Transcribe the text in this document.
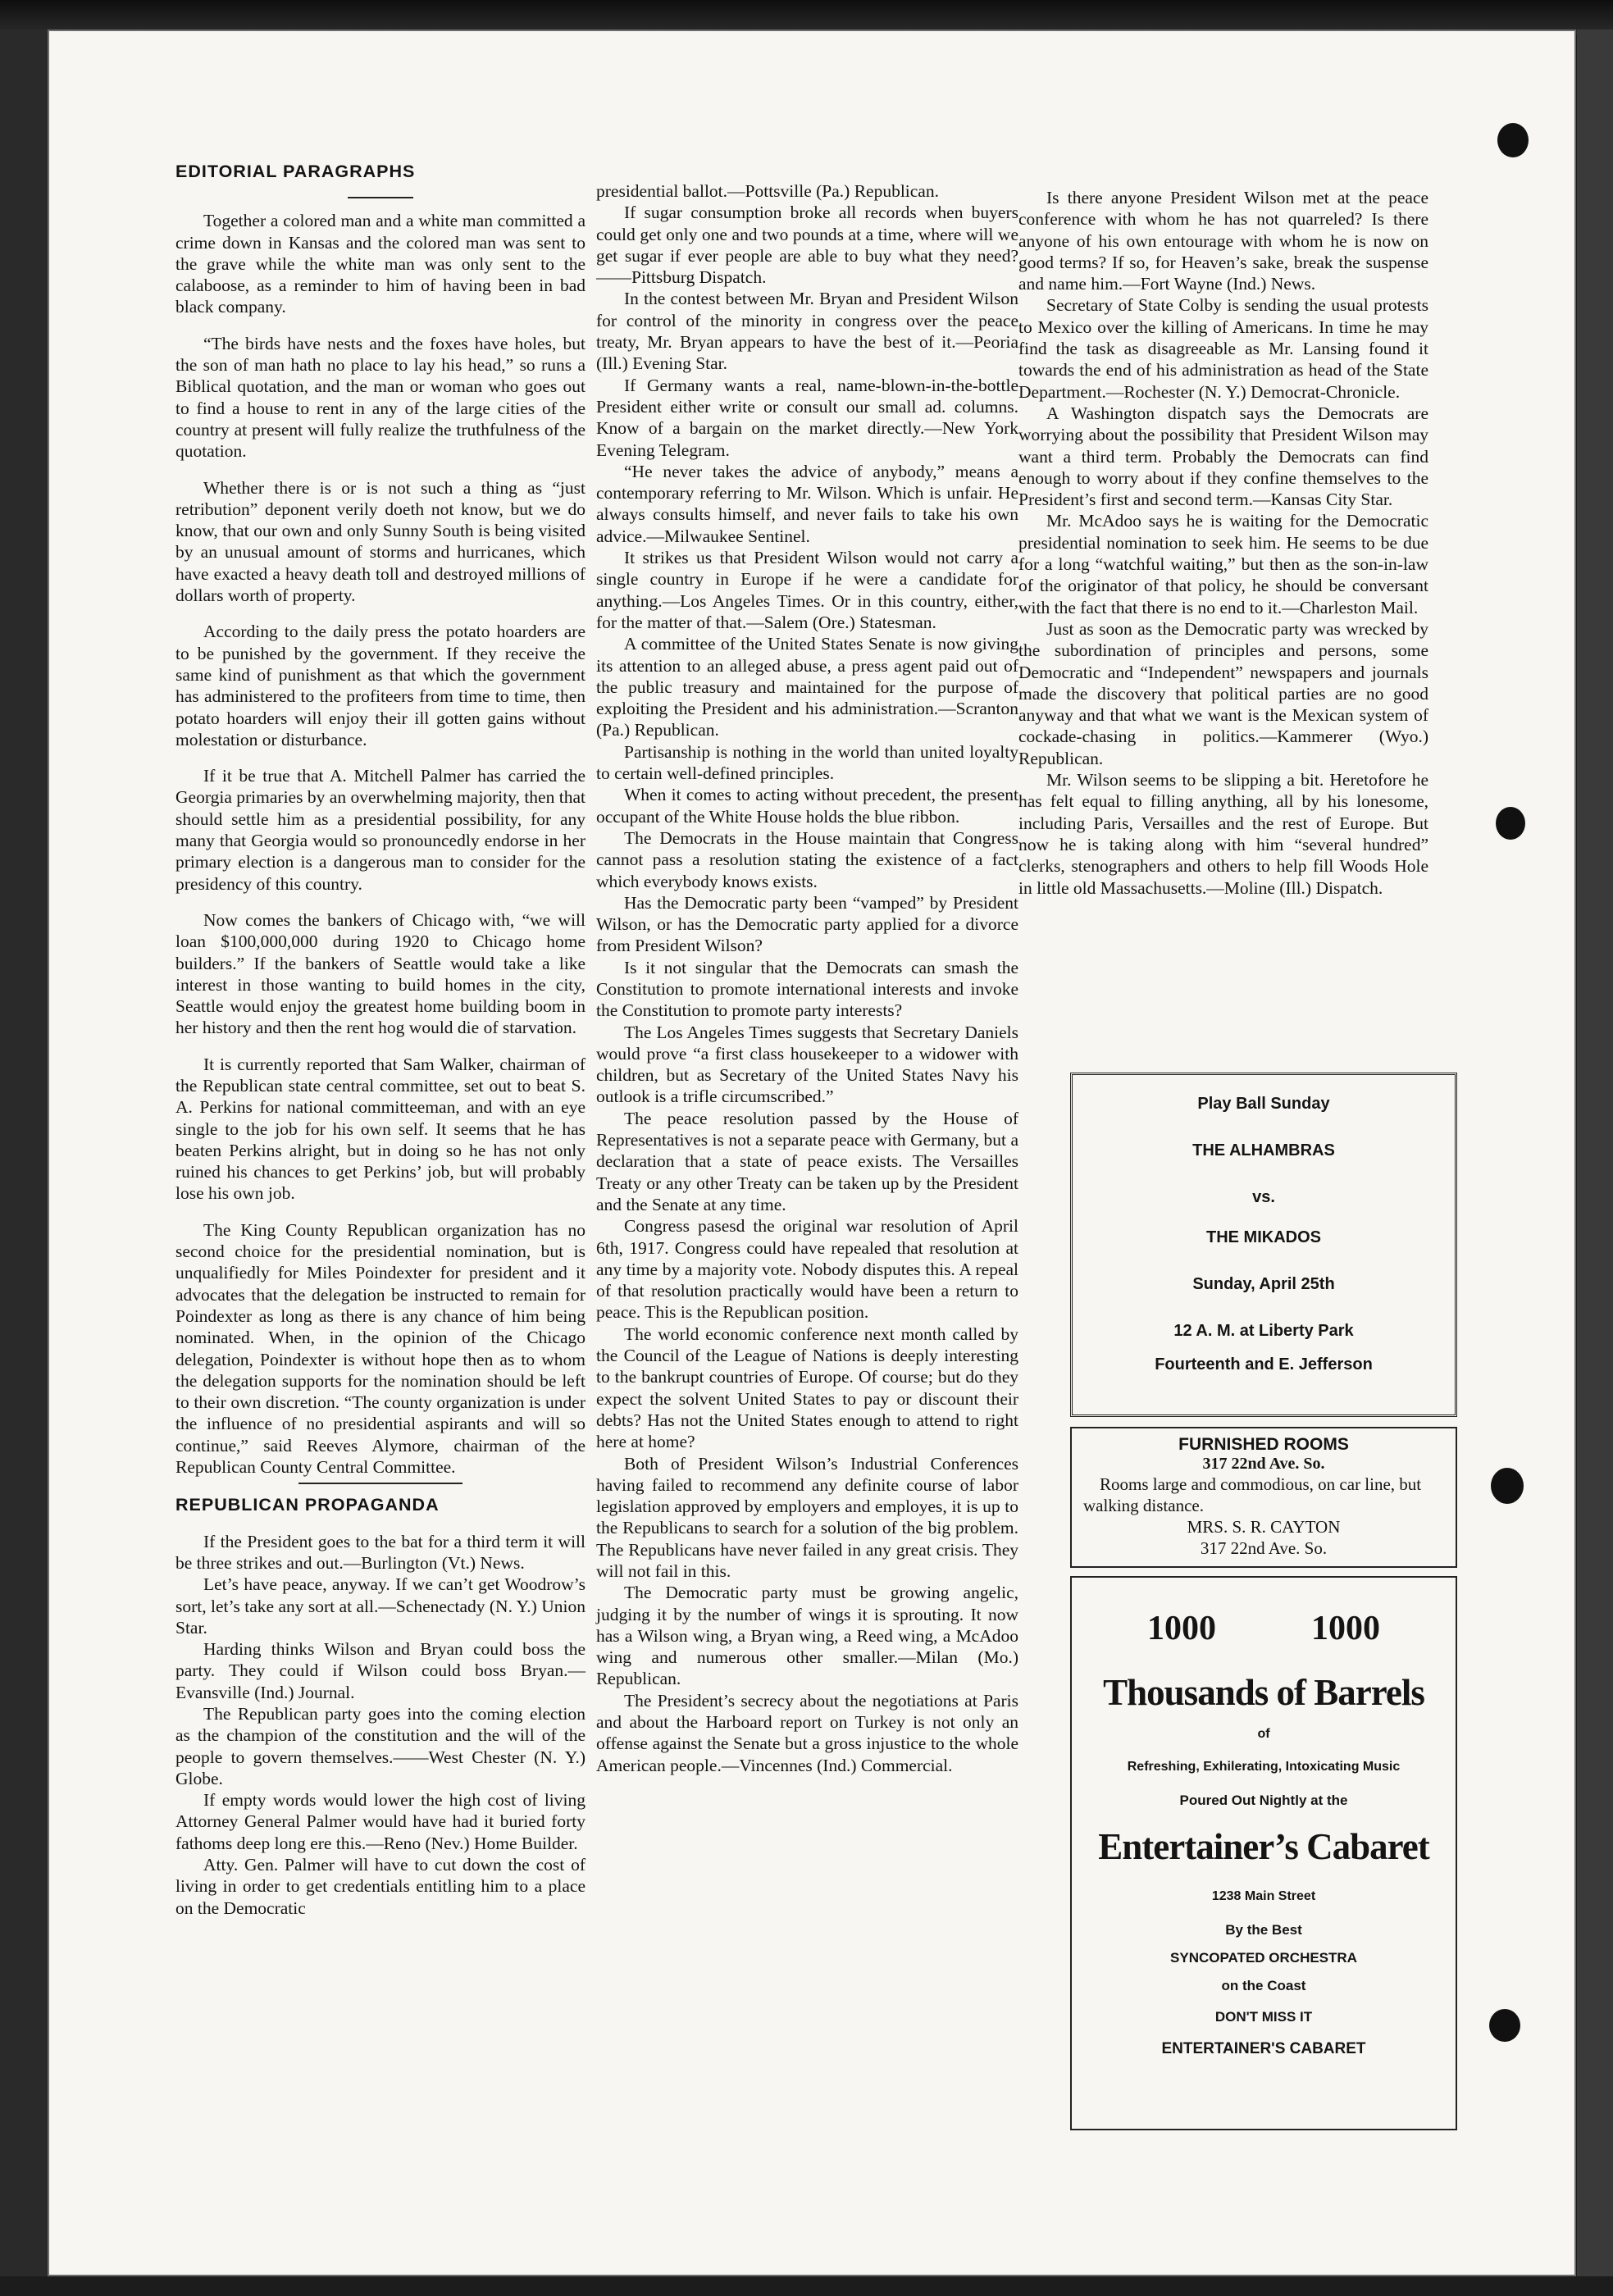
EDITORIAL PARAGRAPHS

Together a colored man and a white man committed a crime down in Kansas and the colored man was sent to the grave while the white man was only sent to the calaboose, as a reminder to him of having been in bad black company.

“The birds have nests and the foxes have holes, but the son of man hath no place to lay his head,” so runs a Biblical quotation, and the man or woman who goes out to find a house to rent in any of the large cities of the country at present will fully realize the truthfulness of the quotation.

Whether there is or is not such a thing as “just retribution” deponent verily doeth not know, but we do know, that our own and only Sunny South is being visited by an unusual amount of storms and hurricanes, which have exacted a heavy death toll and destroyed millions of dollars worth of property.

According to the daily press the potato hoarders are to be punished by the government. If they receive the same kind of punishment as that which the government has administered to the profiteers from time to time, then potato hoarders will enjoy their ill gotten gains without molestation or disturbance.

If it be true that A. Mitchell Palmer has carried the Georgia primaries by an overwhelming majority, then that should settle him as a presidential possibility, for any many that Georgia would so pronouncedly endorse in her primary election is a dangerous man to consider for the presidency of this country.

Now comes the bankers of Chicago with, “we will loan $100,000,000 during 1920 to Chicago home builders.” If the bankers of Seattle would take a like interest in those wanting to build homes in the city, Seattle would enjoy the greatest home building boom in her history and then the rent hog would die of starvation.

It is currently reported that Sam Walker, chairman of the Republican state central committee, set out to beat S. A. Perkins for national committeeman, and with an eye single to the job for his own self. It seems that he has beaten Perkins alright, but in doing so he has not only ruined his chances to get Perkins’ job, but will probably lose his own job.

The King County Republican organization has no second choice for the presidential nomination, but is unqualifiedly for Miles Poindexter for president and it advocates that the delegation be instructed to remain for Poindexter as long as there is any chance of him being nominated. When, in the opinion of the Chicago delegation, Poindexter is without hope then as to whom the delegation supports for the nomination should be left to their own discretion. “The county organization is under the influence of no presidential aspirants and will so continue,” said Reeves Alymore, chairman of the Republican County Central Committee.

REPUBLICAN PROPAGANDA

If the President goes to the bat for a third term it will be three strikes and out.—Burlington (Vt.) News.

Let’s have peace, anyway. If we can’t get Woodrow’s sort, let’s take any sort at all.—Schenectady (N. Y.) Union Star.

Harding thinks Wilson and Bryan could boss the party. They could if Wilson could boss Bryan.—Evansville (Ind.) Journal.

The Republican party goes into the coming election as the champion of the constitution and the will of the people to govern themselves.——West Chester (N. Y.) Globe.

If empty words would lower the high cost of living Attorney General Palmer would have had it buried forty fathoms deep long ere this.—Reno (Nev.) Home Builder.

Atty. Gen. Palmer will have to cut down the cost of living in order to get credentials entitling him to a place on the Democratic

presidential ballot.—Pottsville (Pa.) Republican.

If sugar consumption broke all records when buyers could get only one and two pounds at a time, where will we get sugar if ever people are able to buy what they need?——Pittsburg Dispatch.

In the contest between Mr. Bryan and President Wilson for control of the minority in congress over the peace treaty, Mr. Bryan appears to have the best of it.—Peoria (Ill.) Evening Star.

If Germany wants a real, name-blown-in-the-bottle President either write or consult our small ad. columns. Know of a bargain on the market directly.—New York Evening Telegram.

“He never takes the advice of anybody,” means a contemporary referring to Mr. Wilson. Which is unfair. He always consults himself, and never fails to take his own advice.—Milwaukee Sentinel.

It strikes us that President Wilson would not carry a single country in Europe if he were a candidate for anything.—Los Angeles Times. Or in this country, either, for the matter of that.—Salem (Ore.) Statesman.

A committee of the United States Senate is now giving its attention to an alleged abuse, a press agent paid out of the public treasury and maintained for the purpose of exploiting the President and his administration.—Scranton (Pa.) Republican.

Partisanship is nothing in the world than united loyalty to certain well-defined principles.

When it comes to acting without precedent, the present occupant of the White House holds the blue ribbon.

The Democrats in the House maintain that Congress cannot pass a resolution stating the existence of a fact which everybody knows exists.

Has the Democratic party been “vamped” by President Wilson, or has the Democratic party applied for a divorce from President Wilson?

Is it not singular that the Democrats can smash the Constitution to promote international interests and invoke the Constitution to promote party interests?

The Los Angeles Times suggests that Secretary Daniels would prove “a first class housekeeper to a widower with children, but as Secretary of the United States Navy his outlook is a trifle circumscribed.”

The peace resolution passed by the House of Representatives is not a separate peace with Germany, but a declaration that a state of peace exists. The Versailles Treaty or any other Treaty can be taken up by the President and the Senate at any time.

Congress pasesd the original war resolution of April 6th, 1917. Congress could have repealed that resolution at any time by a majority vote. Nobody disputes this. A repeal of that resolution practically would have been a return to peace. This is the Republican position.

The world economic conference next month called by the Council of the League of Nations is deeply interesting to the bankrupt countries of Europe. Of course; but do they expect the solvent United States to pay or discount their debts? Has not the United States enough to attend to right here at home?

Both of President Wilson’s Industrial Conferences having failed to recommend any definite course of labor legislation approved by employers and employes, it is up to the Republicans to search for a solution of the big problem. The Republicans have never failed in any great crisis. They will not fail in this.

The Democratic party must be growing angelic, judging it by the number of wings it is sprouting. It now has a Wilson wing, a Bryan wing, a Reed wing, a McAdoo wing and numerous other smaller.—Milan (Mo.) Republican.

The President’s secrecy about the negotiations at Paris and about the Harboard report on Turkey is not only an offense against the Senate but a gross injustice to the whole American people.—Vincennes (Ind.) Commercial.

Is there anyone President Wilson met at the peace conference with whom he has not quarreled? Is there anyone of his own entourage with whom he is now on good terms? If so, for Heaven’s sake, break the suspense and name him.—Fort Wayne (Ind.) News.

Secretary of State Colby is sending the usual protests to Mexico over the killing of Americans. In time he may find the task as disagreeable as Mr. Lansing found it towards the end of his administration as head of the State Department.—Rochester (N. Y.) Democrat-Chronicle.

A Washington dispatch says the Democrats are worrying about the possibility that President Wilson may want a third term. Probably the Democrats can find enough to worry about if they confine themselves to the President’s first and second term.—Kansas City Star.

Mr. McAdoo says he is waiting for the Democratic presidential nomination to seek him. He seems to be due for a long “watchful waiting,” but then as the son-in-law of the originator of that policy, he should be conversant with the fact that there is no end to it.—Charleston Mail.

Just as soon as the Democratic party was wrecked by the subordination of principles and persons, some Democratic and “Independent” newspapers and journals made the discovery that political parties are no good anyway and that what we want is the Mexican system of cockade-chasing in politics.—Kammerer (Wyo.) Republican.

Mr. Wilson seems to be slipping a bit. Heretofore he has felt equal to filling anything, all by his lonesome, including Paris, Versailles and the rest of Europe. But now he is taking along with him “several hundred” clerks, stenographers and others to help fill Woods Hole in little old Massachusetts.—Moline (Ill.) Dispatch.

Play Ball Sunday
THE ALHAMBRAS
vs.
THE MIKADOS
Sunday, April 25th
12 A. M. at Liberty Park
Fourteenth and E. Jefferson
FURNISHED ROOMS
317 22nd Ave. So.
Rooms large and commodious, on car line, but walking distance.
MRS. S. R. CAYTON
317 22nd Ave. So.
1000	1000
Thousands of Barrels
of
Refreshing, Exhilerating, Intoxicating Music
Poured Out Nightly at the
Entertainer’s Cabaret
1238 Main Street
By the Best
SYNCOPATED ORCHESTRA
on the Coast
DON'T MISS IT
ENTERTAINER'S CABARET
